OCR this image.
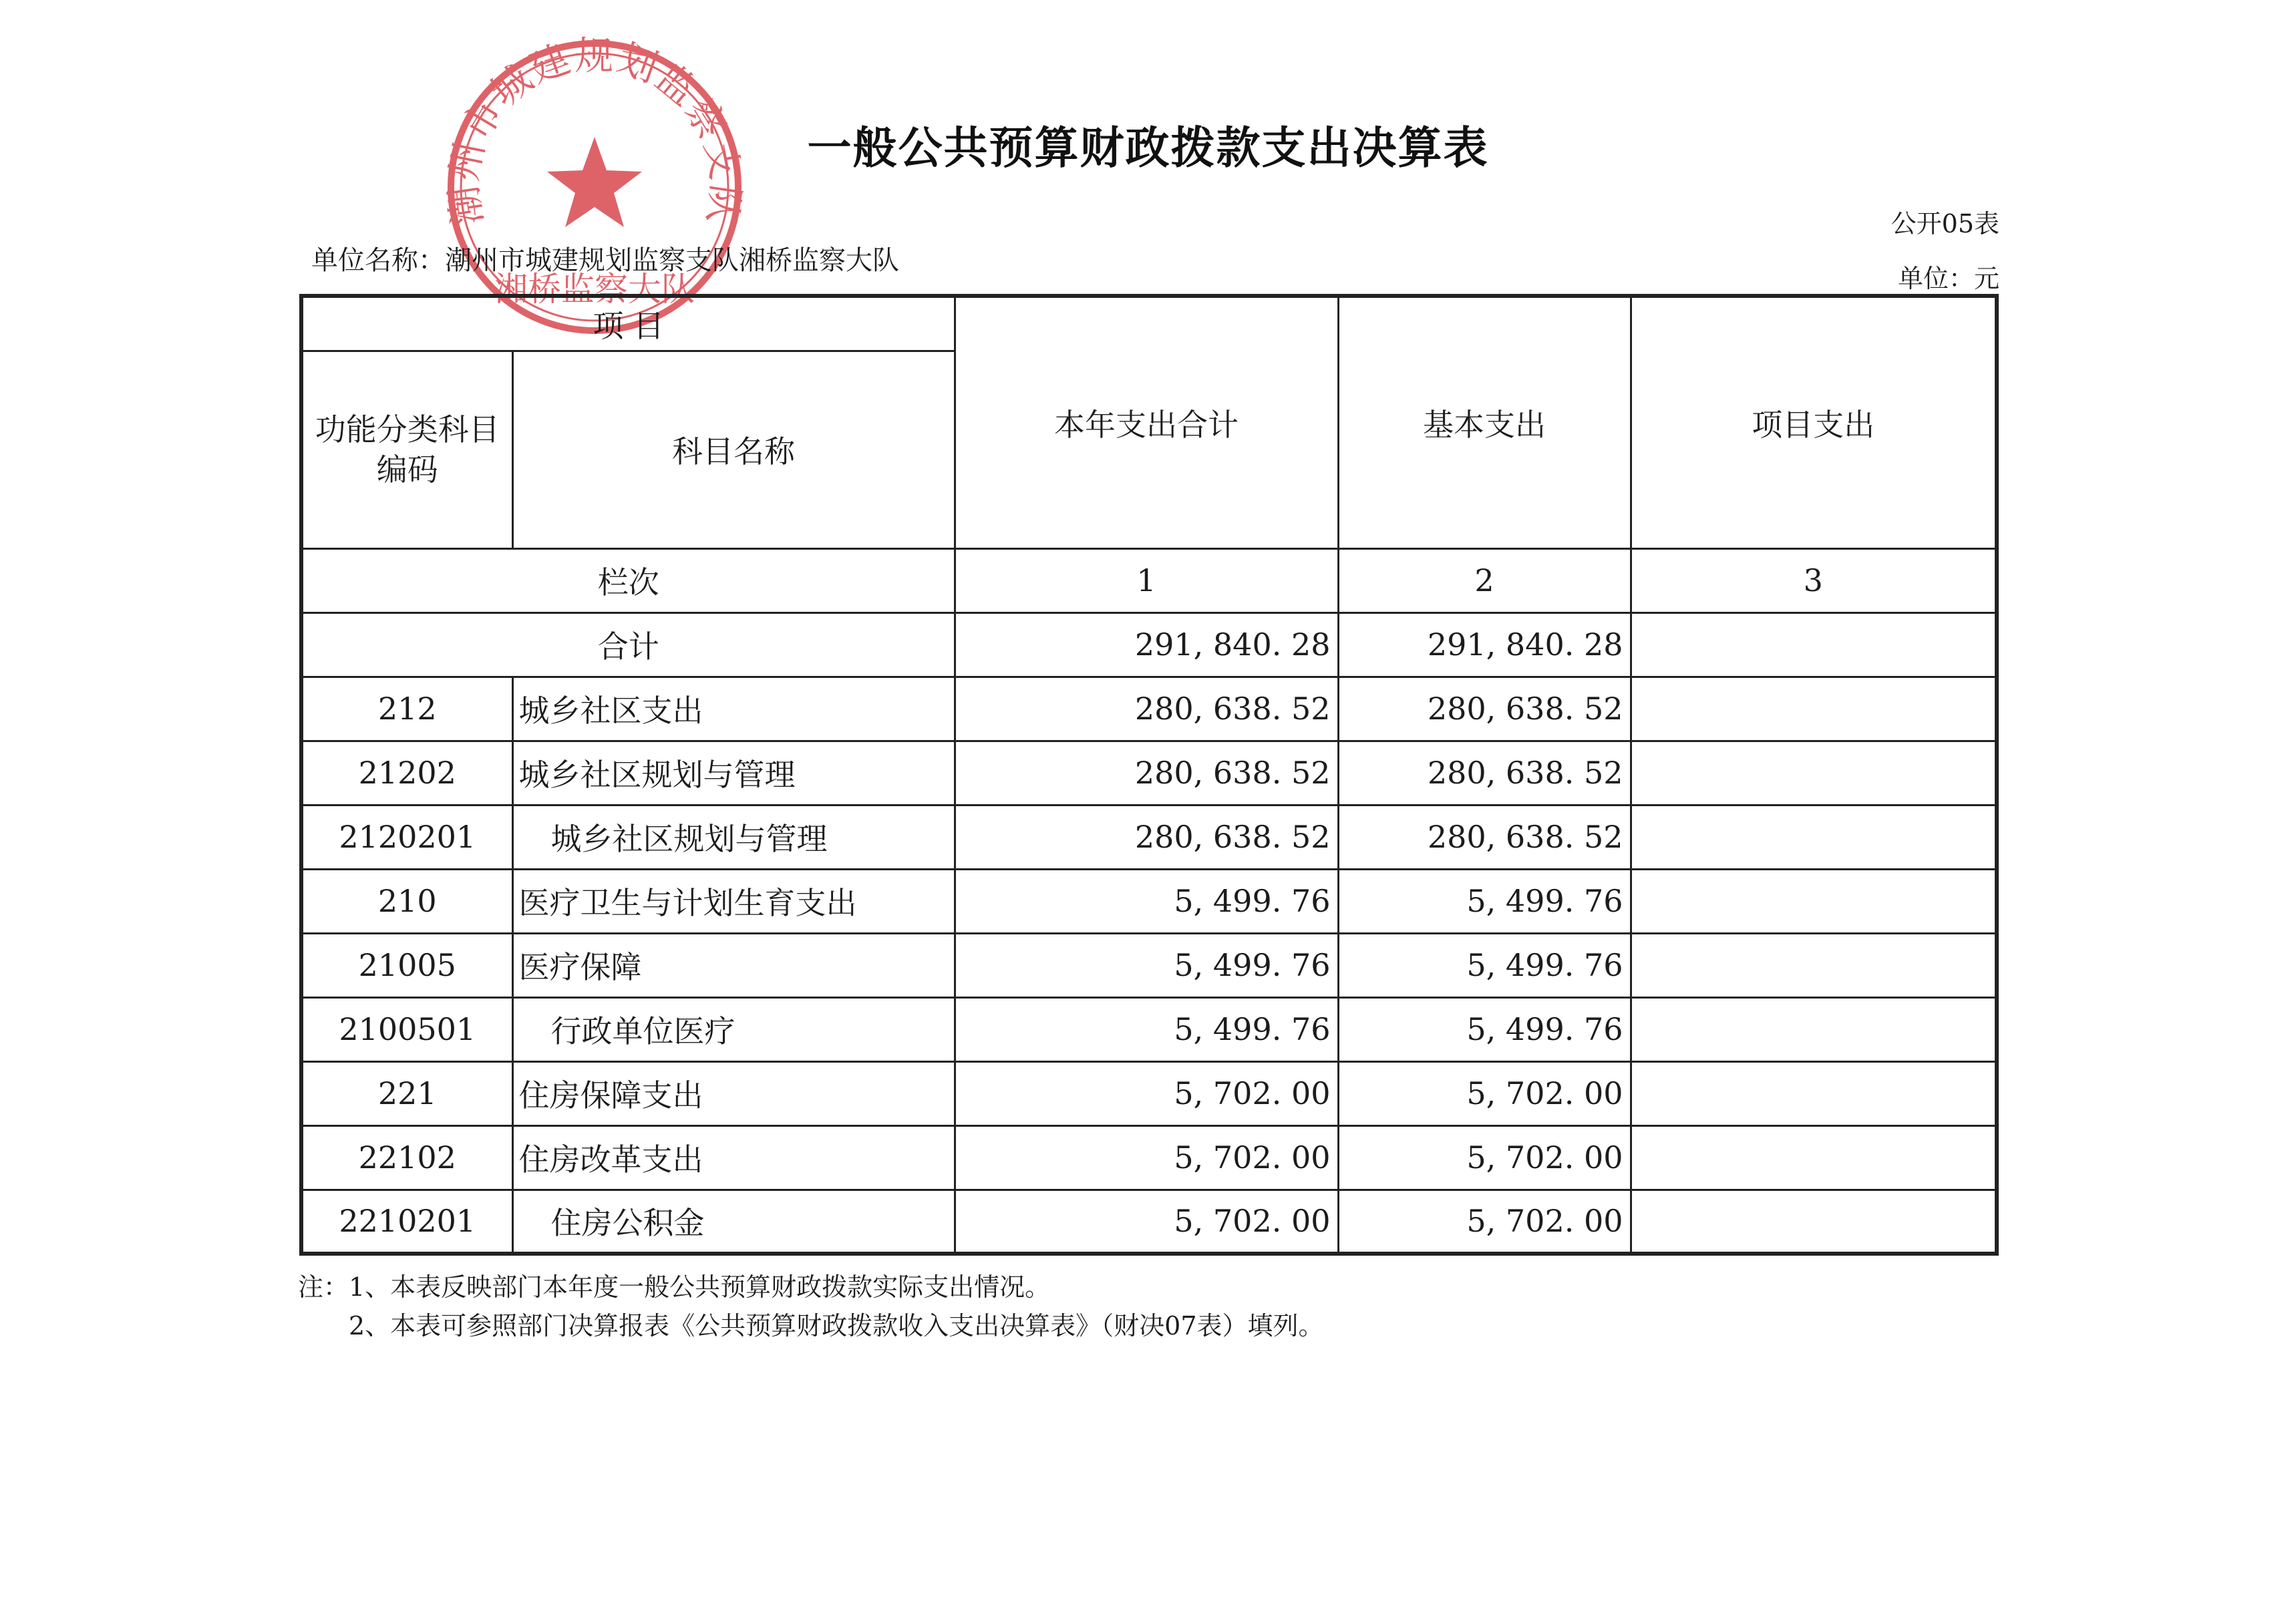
潮州市城建规划监察支队
湘桥监察大队
一般公共预算财政拨款支出决算表
公开05表
单位名称：潮州市城建规划监察支队湘桥监察大队
单位：元
项 目		本年支出合计	基本支出	项目支出
功能分类科目编码	科目名称			
栏次		1	2	3
合计		291, 840. 28	291, 840. 28	
212	城乡社区支出	280, 638. 52	280, 638. 52	
21202	城乡社区规划与管理	280, 638. 52	280, 638. 52	
2120201	城乡社区规划与管理	280, 638. 52	280, 638. 52	
210	医疗卫生与计划生育支出	5, 499. 76	5, 499. 76	
21005	医疗保障	5, 499. 76	5, 499. 76	
2100501	行政单位医疗	5, 499. 76	5, 499. 76	
221	住房保障支出	5, 702. 00	5, 702. 00	
22102	住房改革支出	5, 702. 00	5, 702. 00	
2210201	住房公积金	5, 702. 00	5, 702. 00	
注：1、本表反映部门本年度一般公共预算财政拨款实际支出情况。
2、本表可参照部门决算报表《公共预算财政拨款收入支出决算表》（财决07表）填列。
